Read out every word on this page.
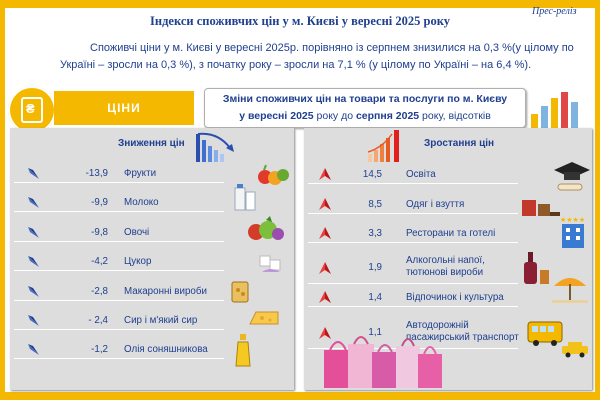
Прес-реліз
Індекси споживчих цін у м. Києві у вересні 2025 року
Споживчі ціни у м. Києві у вересні 2025р. порівняно із серпнем знизилися на 0,3 %(у цілому по Україні – зросли на 0,3 %), з початку року – зросли на 7,1 % (у цілому по Україні – на 6,4 %).
₴
ЦІНИ
Зміни споживчих цін на товари та послуги по м. Києву
у вересні 2025 року до серпня 2025 року, відсотків
Зниження цін
-13,9 Фрукти
-9,9 Молоко
-9,8 Овочі
-4,2 Цукор
-2,8 Макаронні вироби
- 2,4 Сир і м'який сир
-1,2 Олія соняшникова
Зростання цін
14,5 Освіта
8,5 Одяг і взуття
3,3 Ресторани та готелі
1,9
Алкогольні напої, тютюнові вироби
1,4 Відпочинок і культура
1,1
Автодорожній пасажирський транспорт
★★★★
